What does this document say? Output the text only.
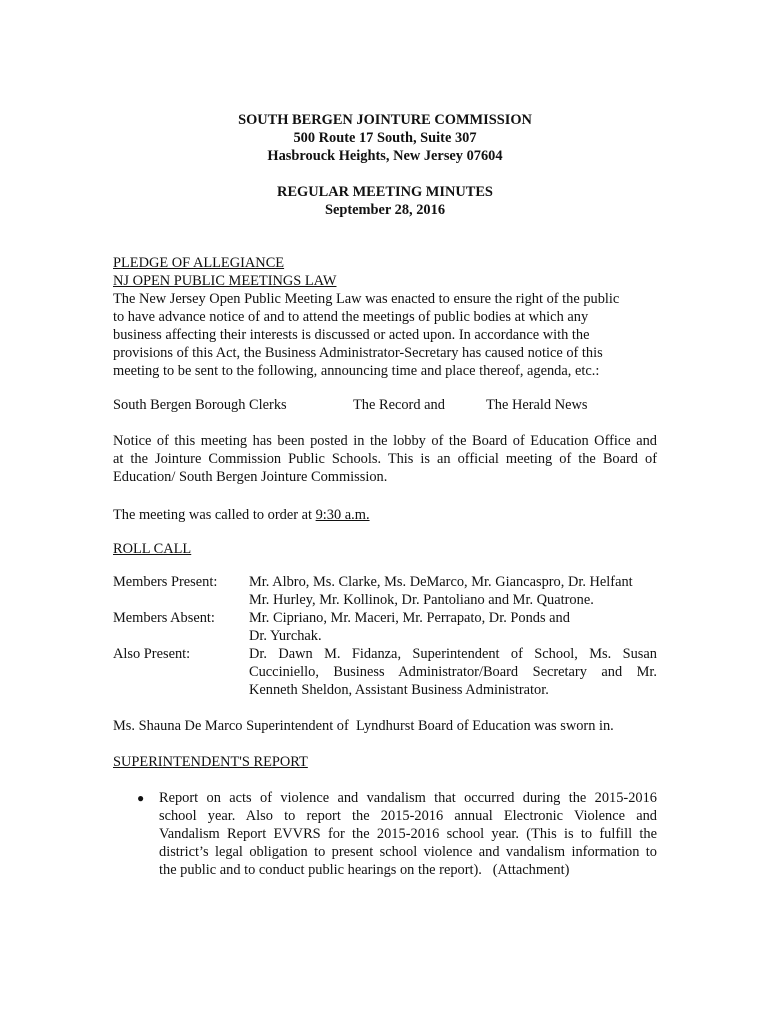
SOUTH BERGEN JOINTURE COMMISSION
500 Route 17 South, Suite 307
Hasbrouck Heights, New Jersey 07604
REGULAR MEETING MINUTES
September 28, 2016
PLEDGE OF ALLEGIANCE
NJ OPEN PUBLIC MEETINGS LAW
The New Jersey Open Public Meeting Law was enacted to ensure the right of the public
to have advance notice of and to attend the meetings of public bodies at which any
business affecting their interests is discussed or acted upon. In accordance with the
provisions of this Act, the Business Administrator-Secretary has caused notice of this
meeting to be sent to the following, announcing time and place thereof, agenda, etc.:
South Bergen Borough Clerks	The Record and	The Herald News
Notice of this meeting has been posted in the lobby of the Board of Education Office and
at the Jointure Commission Public Schools. This is an official meeting of the Board of
Education/ South Bergen Jointure Commission.
The meeting was called to order at 9:30 a.m.
ROLL CALL
Members Present: Mr. Albro, Ms. Clarke, Ms. DeMarco, Mr. Giancaspro, Dr. Helfant
Mr. Hurley, Mr. Kollinok, Dr. Pantoliano and Mr. Quatrone.
Members Absent: Mr. Cipriano, Mr. Maceri, Mr. Perrapato, Dr. Ponds and
Dr. Yurchak.
Also Present:	Dr. Dawn M. Fidanza, Superintendent of School, Ms. Susan
Cucciniello, Business Administrator/Board Secretary and Mr.
Kenneth Sheldon, Assistant Business Administrator.
Ms. Shauna De Marco Superintendent of  Lyndhurst Board of Education was sworn in.
SUPERINTENDENT'S REPORT
● Report on acts of violence and vandalism that occurred during the 2015-2016
school year. Also to report the 2015-2016 annual Electronic Violence and
Vandalism Report EVVRS for the 2015-2016 school year. (This is to fulfill the
district’s legal obligation to present school violence and vandalism information to
the public and to conduct public hearings on the report).   (Attachment)
